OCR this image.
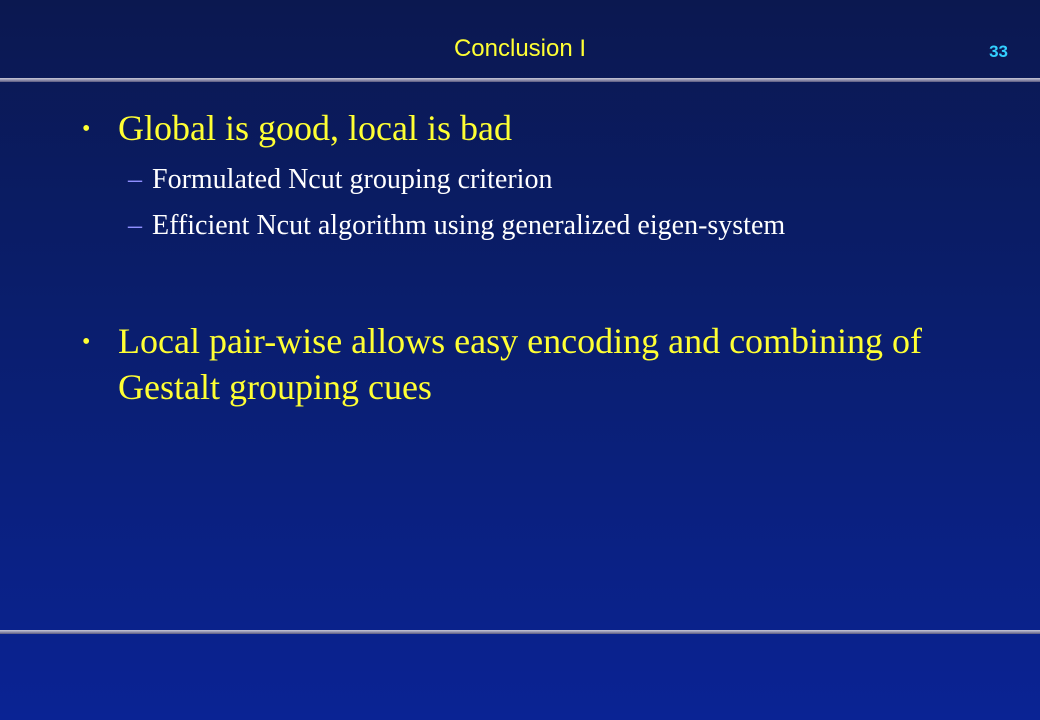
Conclusion I	33
• Global is good, local is bad
– Formulated Ncut grouping criterion
– Efficient Ncut algorithm using generalized eigen-system
• Local pair-wise allows easy encoding and combining of Gestalt grouping cues
